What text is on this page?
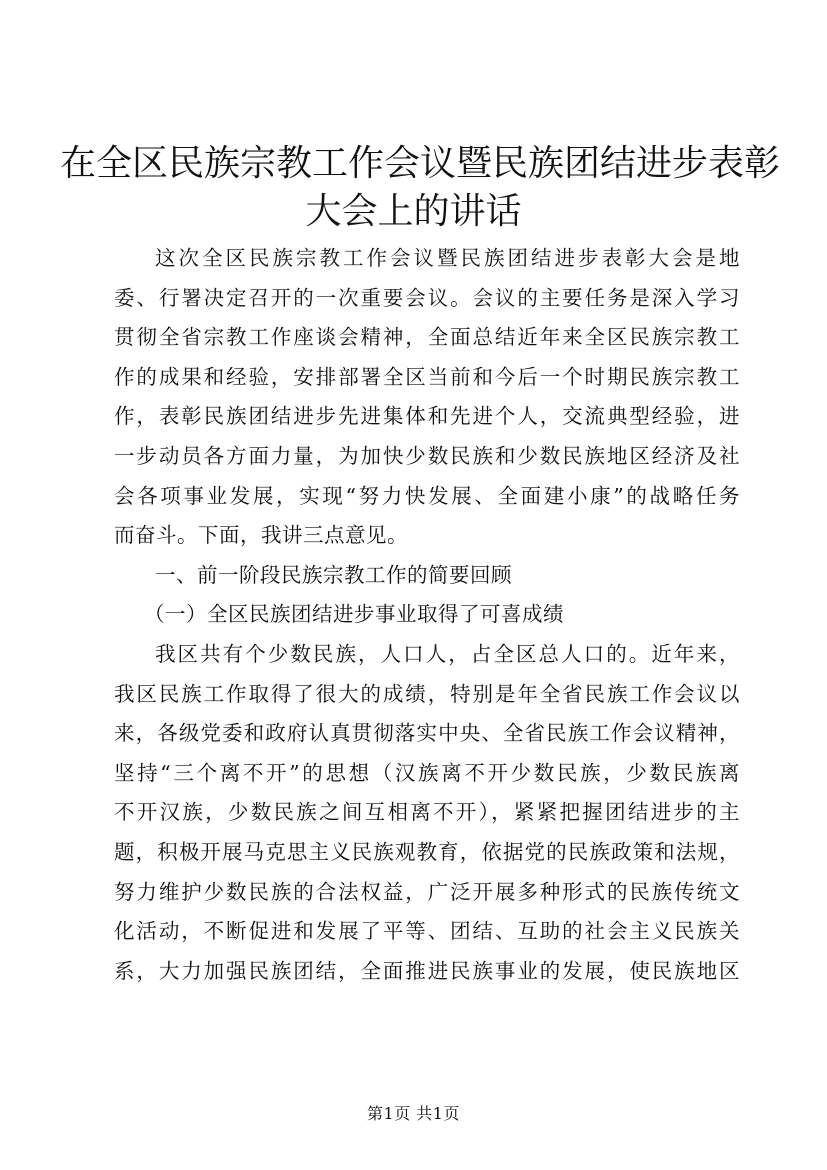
在全区民族宗教工作会议暨民族团结进步表彰
大会上的讲话
这次全区民族宗教工作会议暨民族团结进步表彰大会是地
委、行署决定召开的一次重要会议。会议的主要任务是深入学习
贯彻全省宗教工作座谈会精神，全面总结近年来全区民族宗教工
作的成果和经验，安排部署全区当前和今后一个时期民族宗教工
作，表彰民族团结进步先进集体和先进个人，交流典型经验，进
一步动员各方面力量，为加快少数民族和少数民族地区经济及社
会各项事业发展，实现“努力快发展、全面建小康”的战略任务
而奋斗。下面，我讲三点意见。
一、前一阶段民族宗教工作的简要回顾
（一）全区民族团结进步事业取得了可喜成绩
我区共有个少数民族，人口人，占全区总人口的。近年来，
我区民族工作取得了很大的成绩，特别是年全省民族工作会议以
来，各级党委和政府认真贯彻落实中央、全省民族工作会议精神，
坚持“三个离不开”的思想（汉族离不开少数民族，少数民族离
不开汉族，少数民族之间互相离不开），紧紧把握团结进步的主
题，积极开展马克思主义民族观教育，依据党的民族政策和法规，
努力维护少数民族的合法权益，广泛开展多种形式的民族传统文
化活动，不断促进和发展了平等、团结、互助的社会主义民族关
系，大力加强民族团结，全面推进民族事业的发展，使民族地区
第1页 共1页
